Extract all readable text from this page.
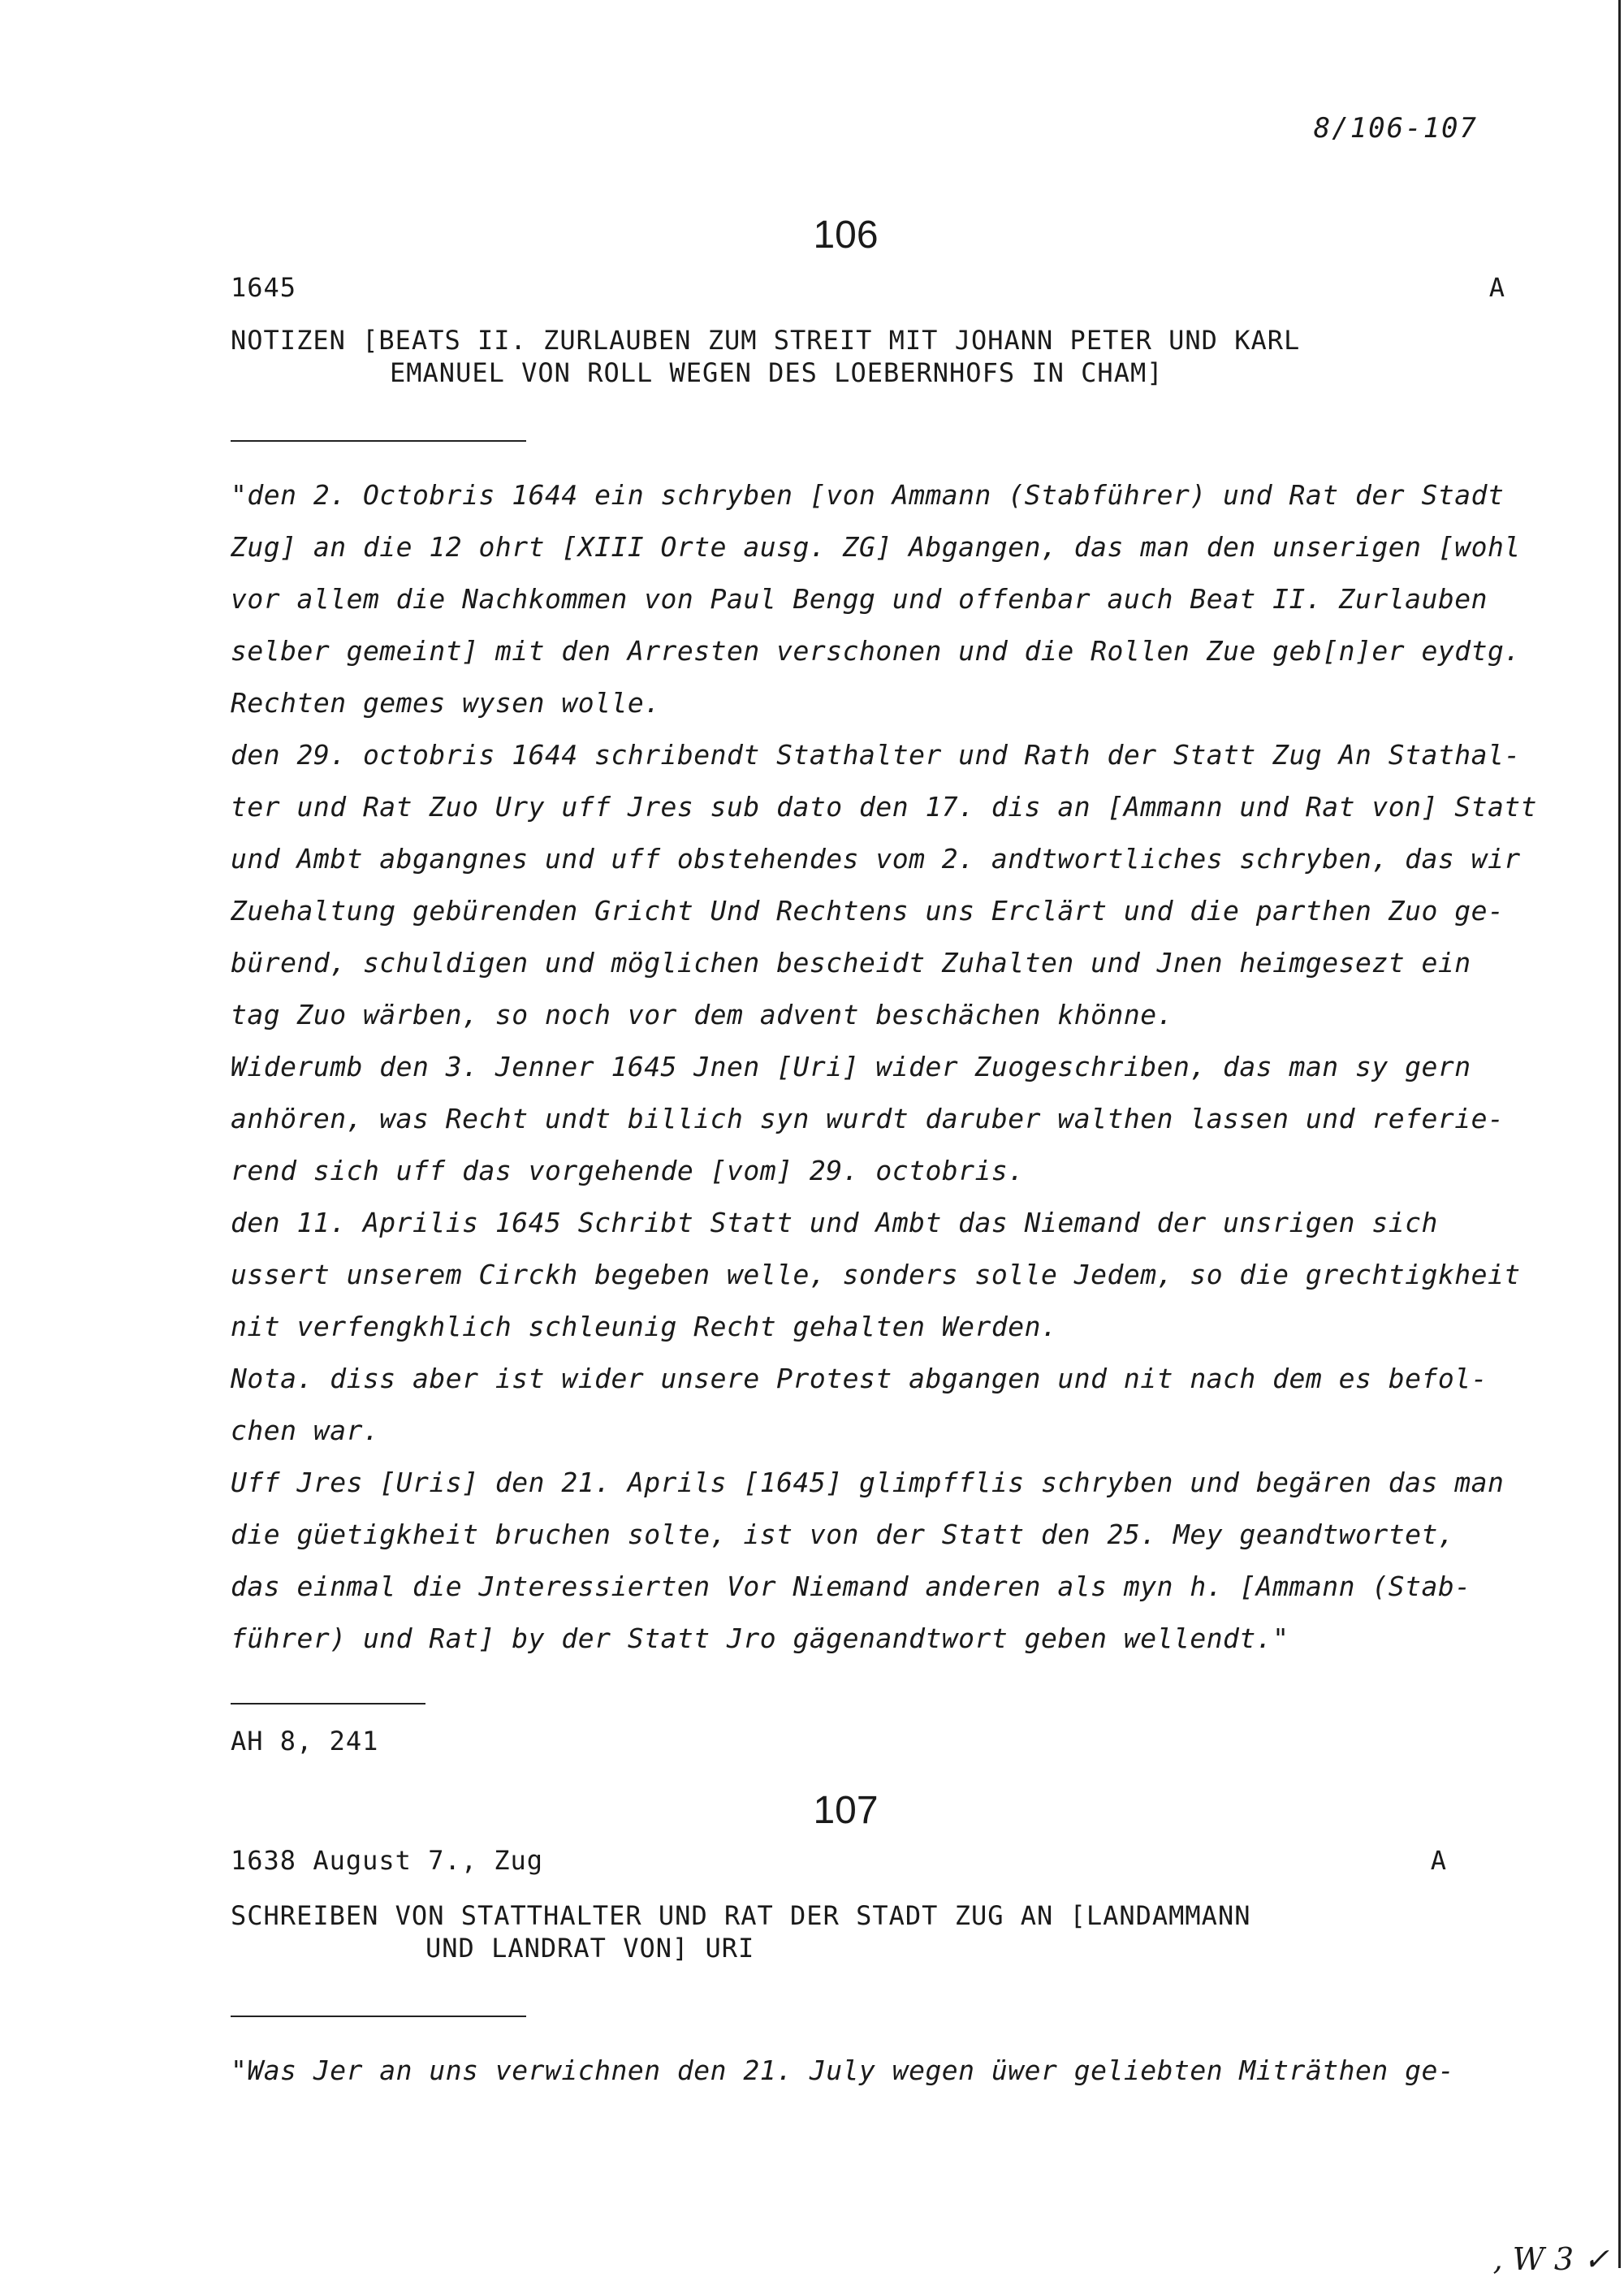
8/106-107
106
1645	A
NOTIZEN [BEATS II. ZURLAUBEN ZUM STREIT MIT JOHANN PETER UND KARL
EMANUEL VON ROLL WEGEN DES LOEBERNHOFS IN CHAM]
"den 2. Octobris 1644 ein schryben [von Ammann (Stabführer) und Rat der Stadt
Zug] an die 12 ohrt [XIII Orte ausg. ZG] Abgangen, das man den unserigen [wohl
vor allem die Nachkommen von Paul Bengg und offenbar auch Beat II. Zurlauben
selber gemeint] mit den Arresten verschonen und die Rollen Zue geb[n]er eydtg.
Rechten gemes wysen wolle.
den 29. octobris 1644 schribendt Stathalter und Rath der Statt Zug An Stathal-
ter und Rat Zuo Ury uff Jres sub dato den 17. dis an [Ammann und Rat von] Statt
und Ambt abgangnes und uff obstehendes vom 2. andtwortliches schryben, das wir
Zuehaltung gebürenden Gricht Und Rechtens uns Erclärt und die parthen Zuo ge-
bürend, schuldigen und möglichen bescheidt Zuhalten und Jnen heimgesezt ein
tag Zuo wärben, so noch vor dem advent beschächen khönne.
Widerumb den 3. Jenner 1645 Jnen [Uri] wider Zuogeschriben, das man sy gern
anhören, was Recht undt billich syn wurdt daruber walthen lassen und referie-
rend sich uff das vorgehende [vom] 29. octobris.
den 11. Aprilis 1645 Schribt Statt und Ambt das Niemand der unsrigen sich
ussert unserem Circkh begeben welle, sonders solle Jedem, so die grechtigkheit
nit verfengkhlich schleunig Recht gehalten Werden.
Nota. diss aber ist wider unsere Protest abgangen und nit nach dem es befol-
chen war.
Uff Jres [Uris] den 21. Aprils [1645] glimpfflis schryben und begären das man
die güetigkheit bruchen solte, ist von der Statt den 25. Mey geandtwortet,
das einmal die Jnteressierten Vor Niemand anderen als myn h. [Ammann (Stab-
führer) und Rat] by der Statt Jro gägenandtwort geben wellendt."
AH 8, 241
107
1638 August 7., Zug	A
SCHREIBEN VON STATTHALTER UND RAT DER STADT ZUG AN [LANDAMMANN
UND LANDRAT VON] URI
"Was Jer an uns verwichnen den 21. July wegen üwer geliebten Miträthen ge-
, W 3 ✓
